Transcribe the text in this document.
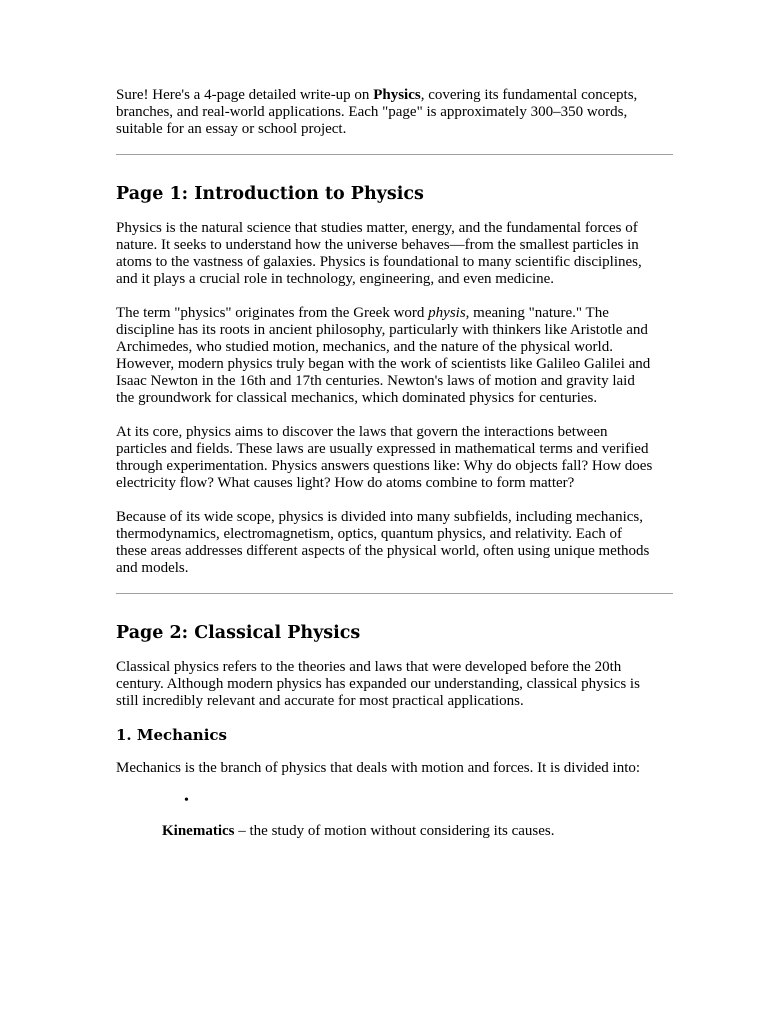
Sure! Here's a 4-page detailed write-up on Physics, covering its fundamental concepts, branches, and real-world applications. Each "page" is approximately 300–350 words, suitable for an essay or school project.

Page 1: Introduction to Physics

Physics is the natural science that studies matter, energy, and the fundamental forces of nature. It seeks to understand how the universe behaves—from the smallest particles in atoms to the vastness of galaxies. Physics is foundational to many scientific disciplines, and it plays a crucial role in technology, engineering, and even medicine.

The term "physics" originates from the Greek word physis, meaning "nature." The discipline has its roots in ancient philosophy, particularly with thinkers like Aristotle and Archimedes, who studied motion, mechanics, and the nature of the physical world. However, modern physics truly began with the work of scientists like Galileo Galilei and Isaac Newton in the 16th and 17th centuries. Newton's laws of motion and gravity laid the groundwork for classical mechanics, which dominated physics for centuries.

At its core, physics aims to discover the laws that govern the interactions between particles and fields. These laws are usually expressed in mathematical terms and verified through experimentation. Physics answers questions like: Why do objects fall? How does electricity flow? What causes light? How do atoms combine to form matter?

Because of its wide scope, physics is divided into many subfields, including mechanics, thermodynamics, electromagnetism, optics, quantum physics, and relativity. Each of these areas addresses different aspects of the physical world, often using unique methods and models.

Page 2: Classical Physics

Classical physics refers to the theories and laws that were developed before the 20th century. Although modern physics has expanded our understanding, classical physics is still incredibly relevant and accurate for most practical applications.

1. Mechanics

Mechanics is the branch of physics that deals with motion and forces. It is divided into:

•

Kinematics – the study of motion without considering its causes.
